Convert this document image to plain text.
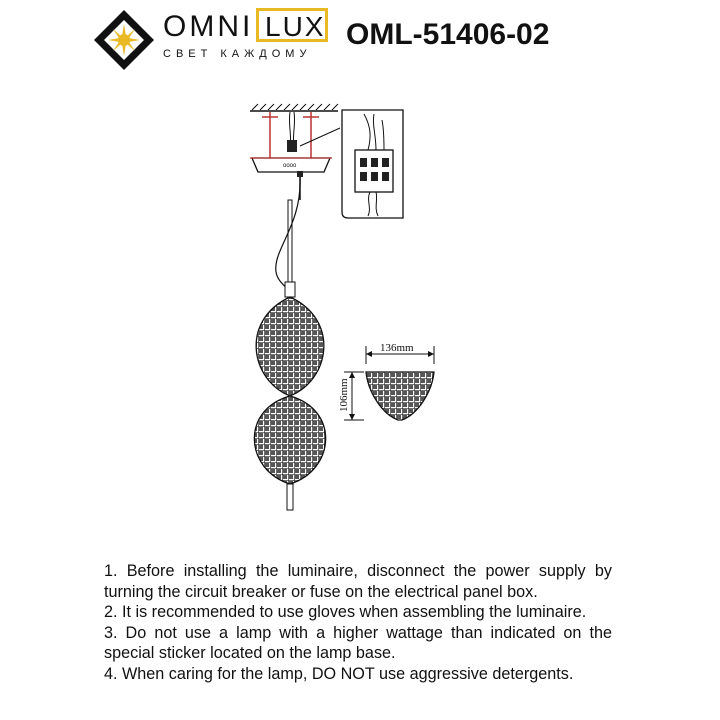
OMNI LUX
СВЕТ КАЖДОМУ
OML-51406-02
oooo
136mm
106mm

1. Before installing the luminaire, disconnect the power supply by turning the circuit breaker or fuse on the electrical panel box.

2. It is recommended to use gloves when assembling the luminaire.

3. Do not use a lamp with a higher wattage than indicated on the special sticker located on the lamp base.

4. When caring for the lamp, DO NOT use aggressive detergents.
